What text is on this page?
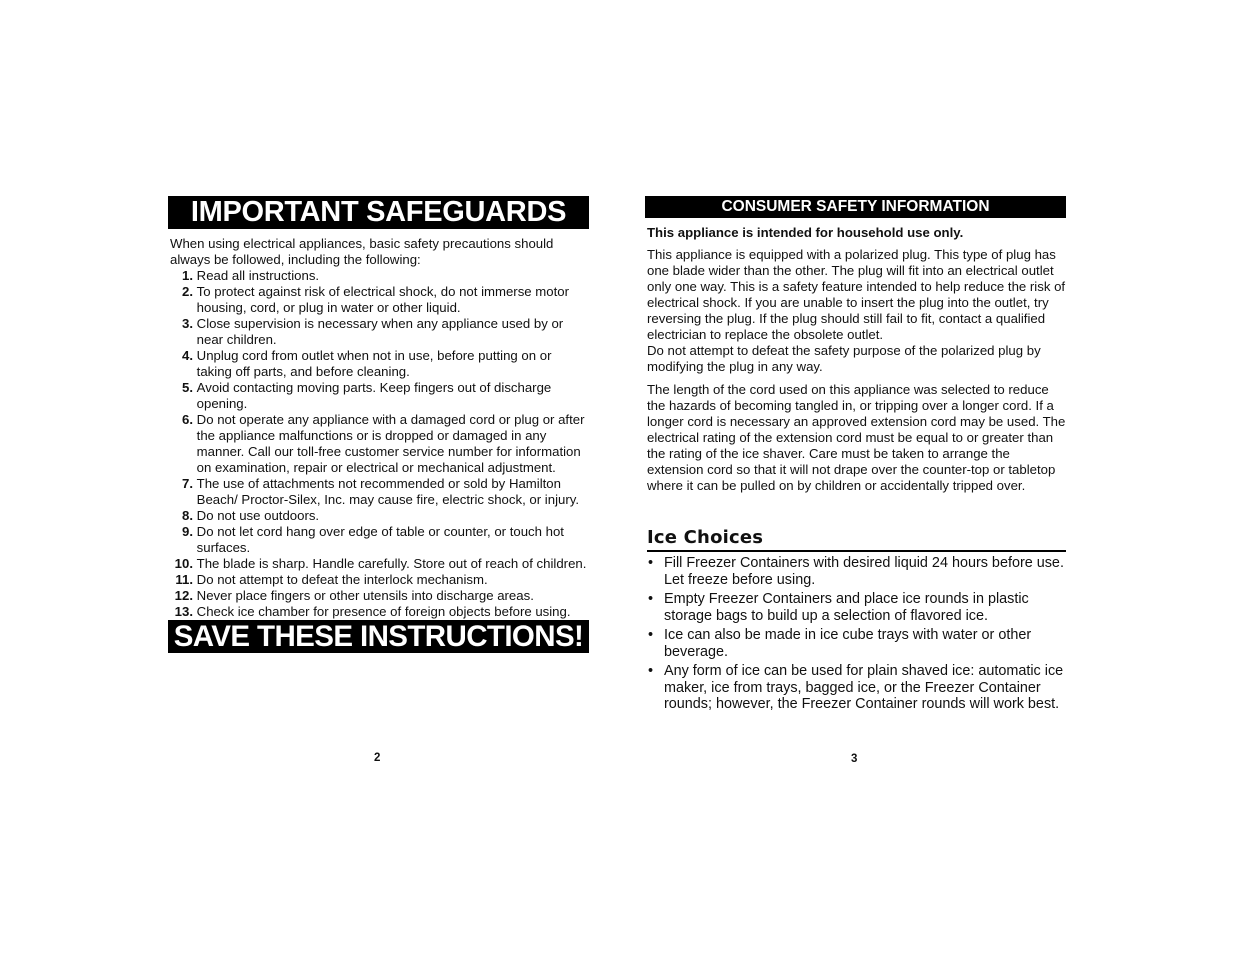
IMPORTANT SAFEGUARDS
When using electrical appliances, basic safety precautions should always be followed, including the following:
1.
Read all instructions.
2.
To protect against risk of electrical shock, do not immerse motor housing, cord, or plug in water or other liquid.
3.
Close supervision is necessary when any appliance used by or near children.
4.
Unplug cord from outlet when not in use, before putting on or taking off parts, and before cleaning.
5.
Avoid contacting moving parts. Keep fingers out of discharge opening.
6.
Do not operate any appliance with a damaged cord or plug or after the appliance malfunctions or is dropped or damaged in any manner. Call our toll-free customer service number for information on examination, repair or electrical or mechanical adjustment.
7.
The use of attachments not recommended or sold by Hamilton Beach/ Proctor-Silex, Inc. may cause fire, electric shock, or injury.
8.
Do not use outdoors.
9.
Do not let cord hang over edge of table or counter, or touch hot surfaces.
10.
The blade is sharp. Handle carefully. Store out of reach of children.
11.
Do not attempt to defeat the interlock mechanism.
12.
Never place fingers or other utensils into discharge areas.
13.
Check ice chamber for presence of foreign objects before using.
SAVE THESE INSTRUCTIONS!
CONSUMER SAFETY INFORMATION
This appliance is intended for household use only.
This appliance is equipped with a polarized plug. This type of plug has one blade wider than the other. The plug will fit into an electrical outlet only one way. This is a safety feature intended to help reduce the risk of electrical shock. If you are unable to insert the plug into the outlet, try reversing the plug. If the plug should still fail to fit, contact a qualified electrician to replace the obsolete outlet.
Do not attempt to defeat the safety purpose of the polarized plug by modifying the plug in any way.
The length of the cord used on this appliance was selected to reduce the hazards of becoming tangled in, or tripping over a longer cord. If a longer cord is necessary an approved extension cord may be used. The electrical rating of the extension cord must be equal to or greater than the rating of the ice shaver. Care must be taken to arrange the extension cord so that it will not drape over the counter-top or tabletop where it can be pulled on by children or accidentally tripped over.
Ice Choices
• Fill Freezer Containers with desired liquid 24 hours before use. Let freeze before using.
• Empty Freezer Containers and place ice rounds in plastic storage bags to build up a selection of flavored ice.
• Ice can also be made in ice cube trays with water or other beverage.
• Any form of ice can be used for plain shaved ice: automatic ice maker, ice from trays, bagged ice, or the Freezer Container rounds; however, the Freezer Container rounds will work best.
2	3
